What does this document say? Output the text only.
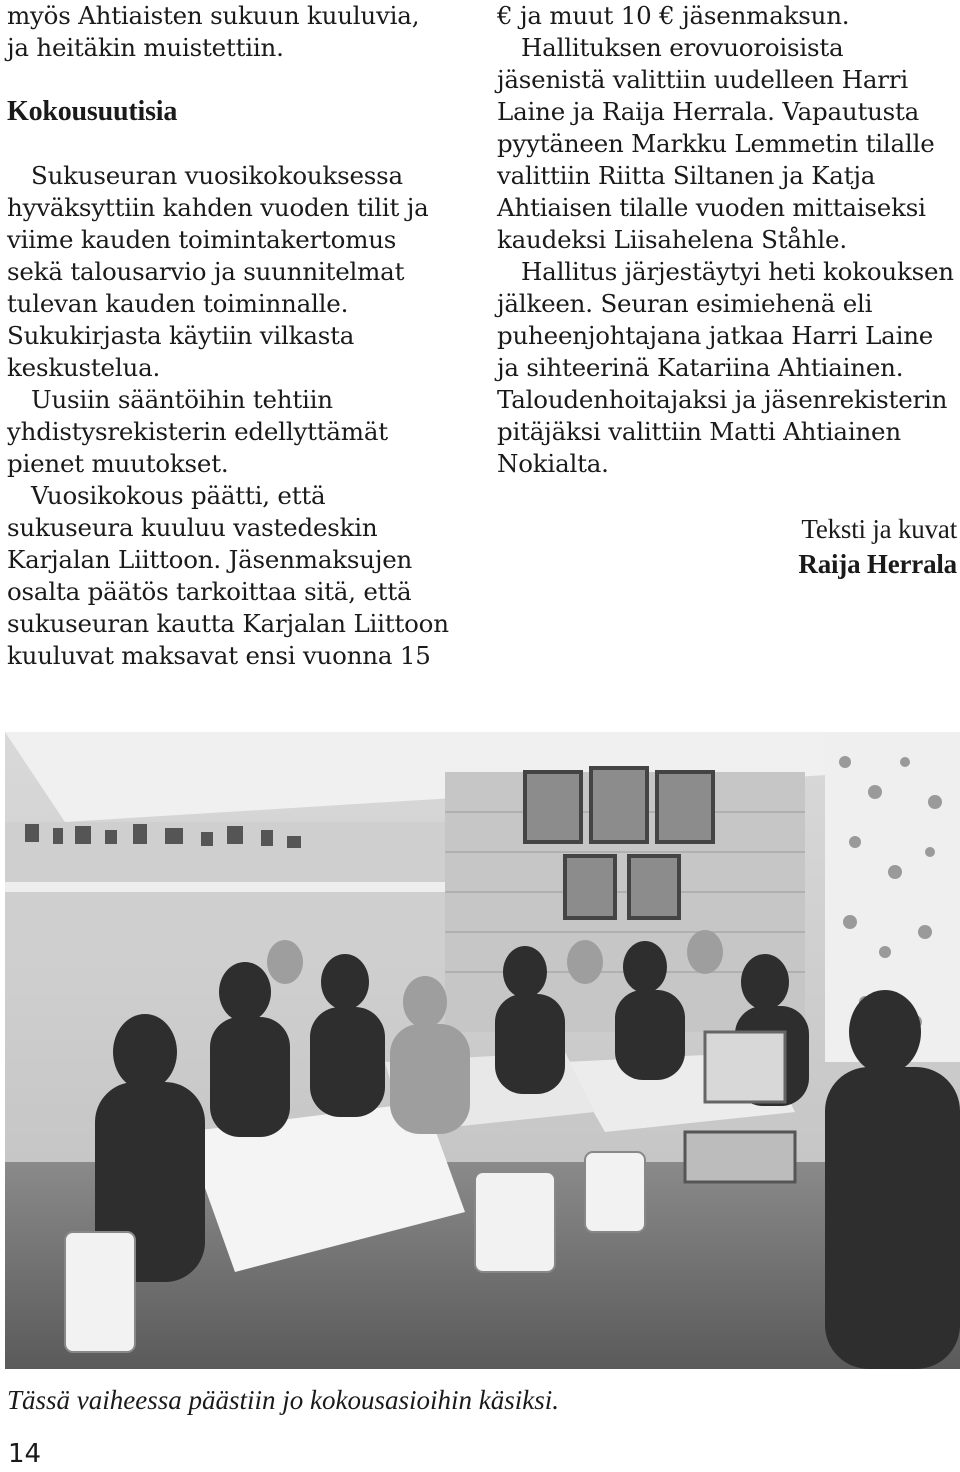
myös Ahtiaisten sukuun kuuluvia,

ja heitäkin muistettiin.

Kokousuutisia

Sukuseuran vuosikokouksessa hyväksyttiin kahden vuoden tilit ja viime kauden toimintakertomus sekä talousarvio ja suunnitelmat tulevan kauden toiminnalle. Sukukirjasta käytiin vilkasta keskustelua.

Uusiin sääntöihin tehtiin yhdistysrekisterin edellyttämät pienet muutokset.

Vuosikokous päätti, että sukuseura kuuluu vastedeskin Karjalan Liittoon. Jäsenmaksujen osalta päätös tarkoittaa sitä, että sukuseuran kautta Karjalan Liittoon kuuluvat maksavat ensi vuonna 15

€ ja muut 10 € jäsenmaksun.

Hallituksen erovuoroisista jäsenistä valittiin uudelleen Harri Laine ja Raija Herrala. Vapautusta pyytäneen Markku Lemmetin tilalle valittiin Riitta Siltanen ja Katja Ahtiaisen tilalle vuoden mittaiseksi kaudeksi Liisahelena Ståhle.

Hallitus järjestäytyi heti kokouksen jälkeen. Seuran esimiehenä eli puheenjohtajana jatkaa Harri Laine ja sihteerinä Katariina Ahtiainen. Taloudenhoitajaksi ja jäsenrekisterin pitäjäksi valittiin Matti Ahtiainen Nokialta.

Teksti ja kuvat
Raija Herrala

Tässä vaiheessa päästiin jo kokousasioihin käsiksi.
14
